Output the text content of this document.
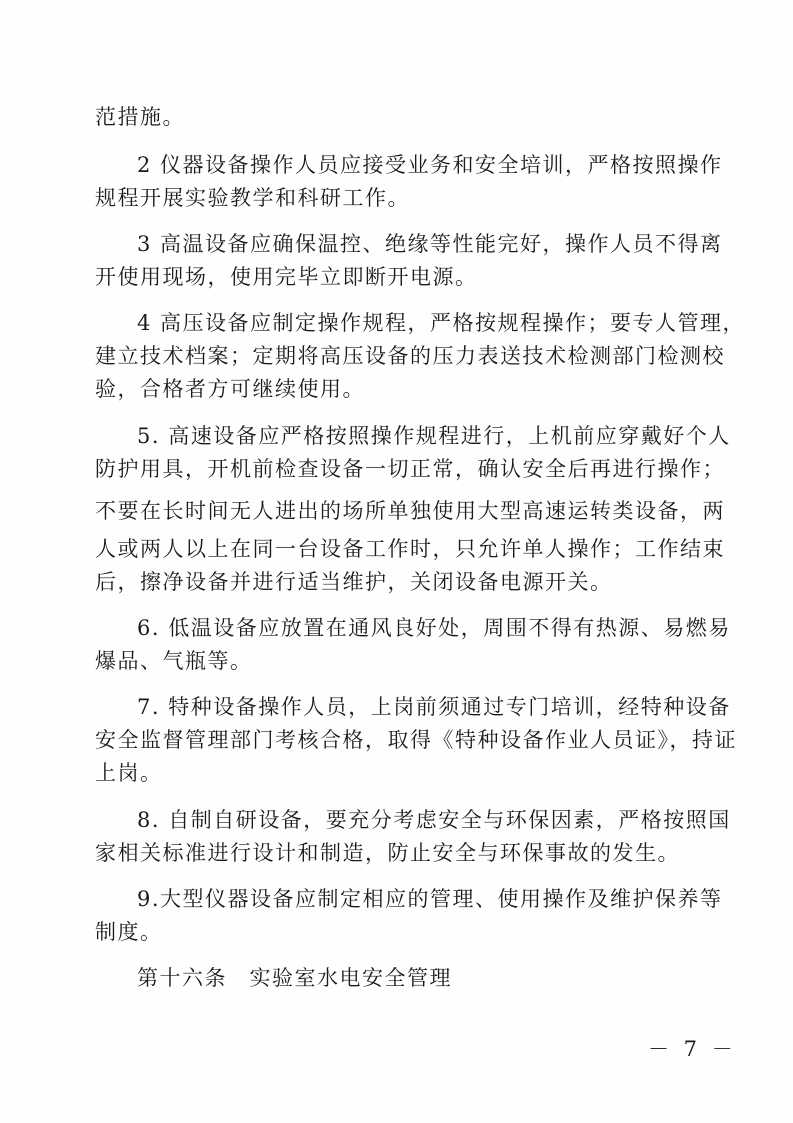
范措施。
2 仪器设备操作人员应接受业务和安全培训，严格按照操作
规程开展实验教学和科研工作。
3 高温设备应确保温控、绝缘等性能完好，操作人员不得离
开使用现场，使用完毕立即断开电源。
4 高压设备应制定操作规程，严格按规程操作；要专人管理，
建立技术档案；定期将高压设备的压力表送技术检测部门检测校
验，合格者方可继续使用。
5. 高速设备应严格按照操作规程进行，上机前应穿戴好个人
防护用具，开机前检查设备一切正常，确认安全后再进行操作；
不要在长时间无人进出的场所单独使用大型高速运转类设备，两
人或两人以上在同一台设备工作时，只允许单人操作；工作结束
后，擦净设备并进行适当维护，关闭设备电源开关。
6. 低温设备应放置在通风良好处，周围不得有热源、易燃易
爆品、气瓶等。
7. 特种设备操作人员，上岗前须通过专门培训，经特种设备
安全监督管理部门考核合格，取得《特种设备作业人员证》，持证
上岗。
8. 自制自研设备，要充分考虑安全与环保因素，严格按照国
家相关标准进行设计和制造，防止安全与环保事故的发生。
9.大型仪器设备应制定相应的管理、使用操作及维护保养等
制度。
第十六条　实验室水电安全管理
－ 7 －
